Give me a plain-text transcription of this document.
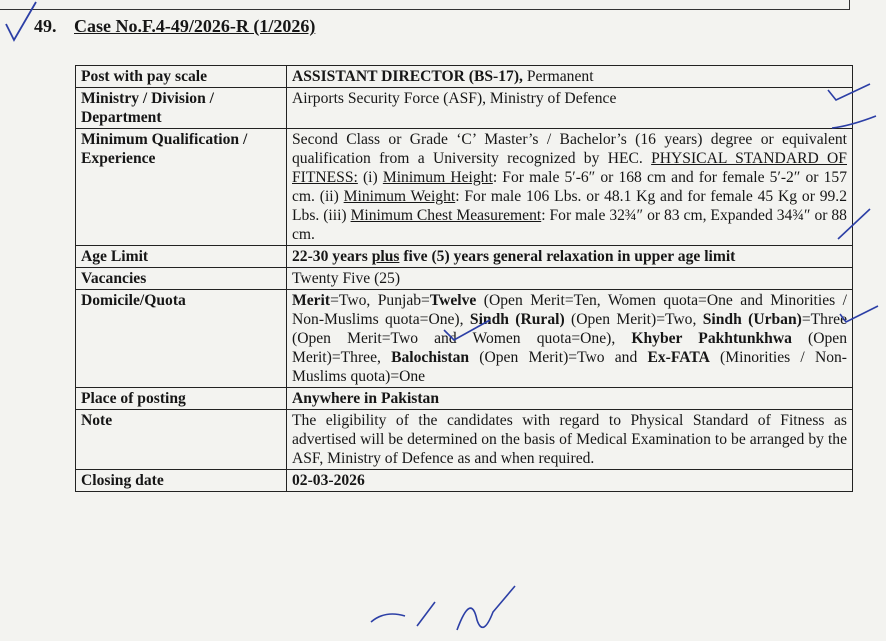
49. Case No.F.4-49/2026-R (1/2026)
Post with pay scale	ASSISTANT DIRECTOR (BS-17), Permanent
Ministry / Division / Department	Airports Security Force (ASF), Ministry of Defence
Minimum Qualification / Experience	Second Class or Grade ‘C’ Master’s / Bachelor’s (16 years) degree or equivalent qualification from a University recognized by HEC. PHYSICAL STANDARD OF FITNESS: (i) Minimum Height: For male 5′-6″ or 168 cm and for female 5′-2″ or 157 cm. (ii) Minimum Weight: For male 106 Lbs. or 48.1 Kg and for female 45 Kg or 99.2 Lbs. (iii) Minimum Chest Measurement: For male 32¾″ or 83 cm, Expanded 34¾″ or 88 cm.
Age Limit	22-30 years plus five (5) years general relaxation in upper age limit
Vacancies	Twenty Five (25)
Domicile/Quota	Merit=Two, Punjab=Twelve (Open Merit=Ten, Women quota=One and Minorities / Non-Muslims quota=One), Sindh (Rural) (Open Merit)=Two, Sindh (Urban)=Three (Open Merit=Two and Women quota=One), Khyber Pakhtunkhwa (Open Merit)=Three, Balochistan (Open Merit)=Two and Ex-FATA (Minorities / Non-Muslims quota)=One
Place of posting	Anywhere in Pakistan
Note	The eligibility of the candidates with regard to Physical Standard of Fitness as advertised will be determined on the basis of Medical Examination to be arranged by the ASF, Ministry of Defence as and when required.
Closing date	02-03-2026
